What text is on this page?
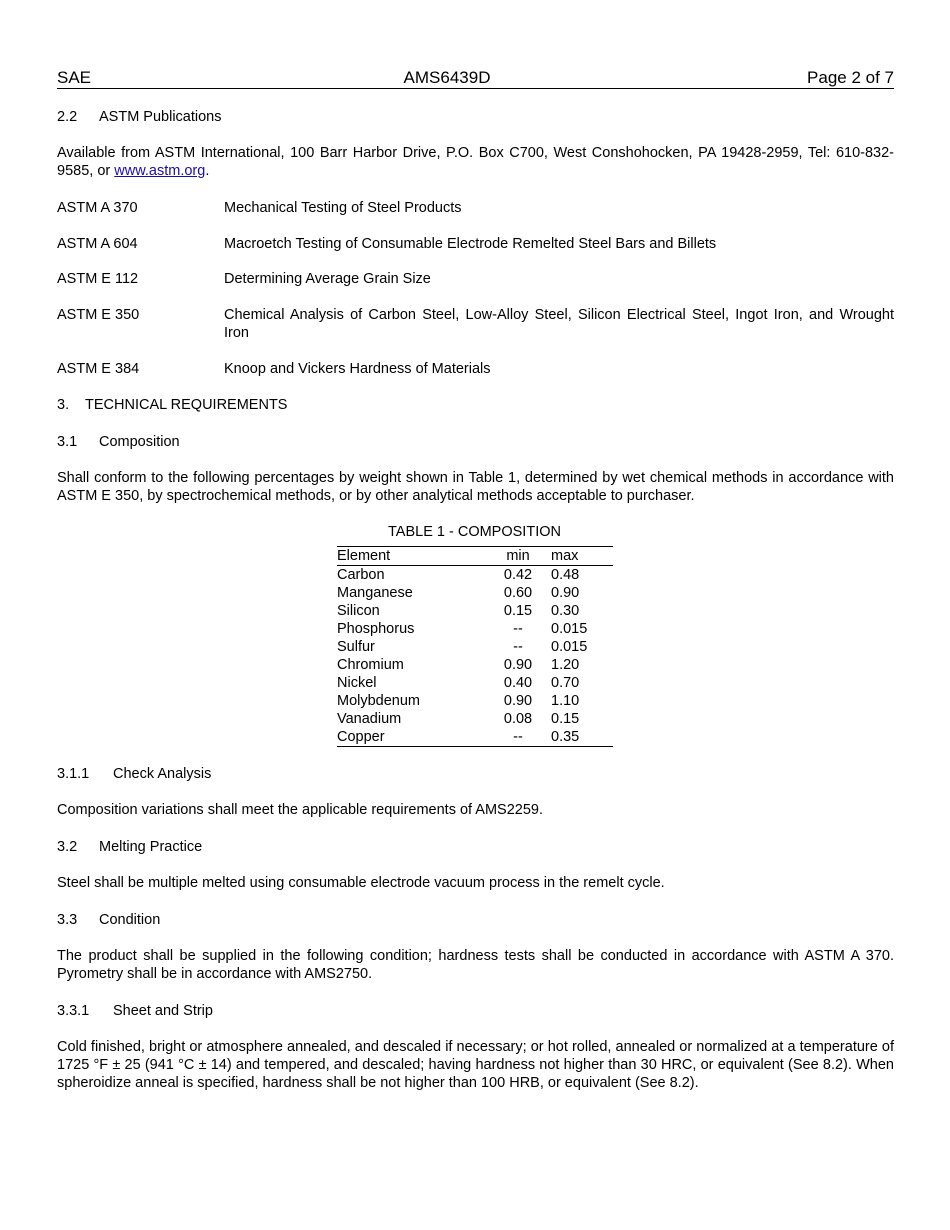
SAE	AMS6439D	Page 2 of 7
2.2 ASTM Publications
Available from ASTM International, 100 Barr Harbor Drive, P.O. Box C700, West Conshohocken, PA 19428-2959, Tel: 610-832-9585, or www.astm.org.
ASTM A 370	Mechanical Testing of Steel Products
ASTM A 604	Macroetch Testing of Consumable Electrode Remelted Steel Bars and Billets
ASTM E 112	Determining Average Grain Size
ASTM E 350	Chemical Analysis of Carbon Steel, Low-Alloy Steel, Silicon Electrical Steel, Ingot Iron, and Wrought Iron
ASTM E 384	Knoop and Vickers Hardness of Materials
3. TECHNICAL REQUIREMENTS
3.1 Composition
Shall conform to the following percentages by weight shown in Table 1, determined by wet chemical methods in accordance with ASTM E 350, by spectrochemical methods, or by other analytical methods acceptable to purchaser.
TABLE 1 - COMPOSITION
Element	min	max
Carbon	0.42	0.48
Manganese	0.60	0.90
Silicon	0.15	0.30
Phosphorus	--	0.015
Sulfur	--	0.015
Chromium	0.90	1.20
Nickel	0.40	0.70
Molybdenum	0.90	1.10
Vanadium	0.08	0.15
Copper	--	0.35
3.1.1 Check Analysis
Composition variations shall meet the applicable requirements of AMS2259.
3.2 Melting Practice
Steel shall be multiple melted using consumable electrode vacuum process in the remelt cycle.
3.3 Condition
The product shall be supplied in the following condition; hardness tests shall be conducted in accordance with ASTM A 370. Pyrometry shall be in accordance with AMS2750.
3.3.1 Sheet and Strip
Cold finished, bright or atmosphere annealed, and descaled if necessary; or hot rolled, annealed or normalized at a temperature of 1725 °F ± 25 (941 °C ± 14) and tempered, and descaled; having hardness not higher than 30 HRC, or equivalent (See 8.2). When spheroidize anneal is specified, hardness shall be not higher than 100 HRB, or equivalent (See 8.2).
